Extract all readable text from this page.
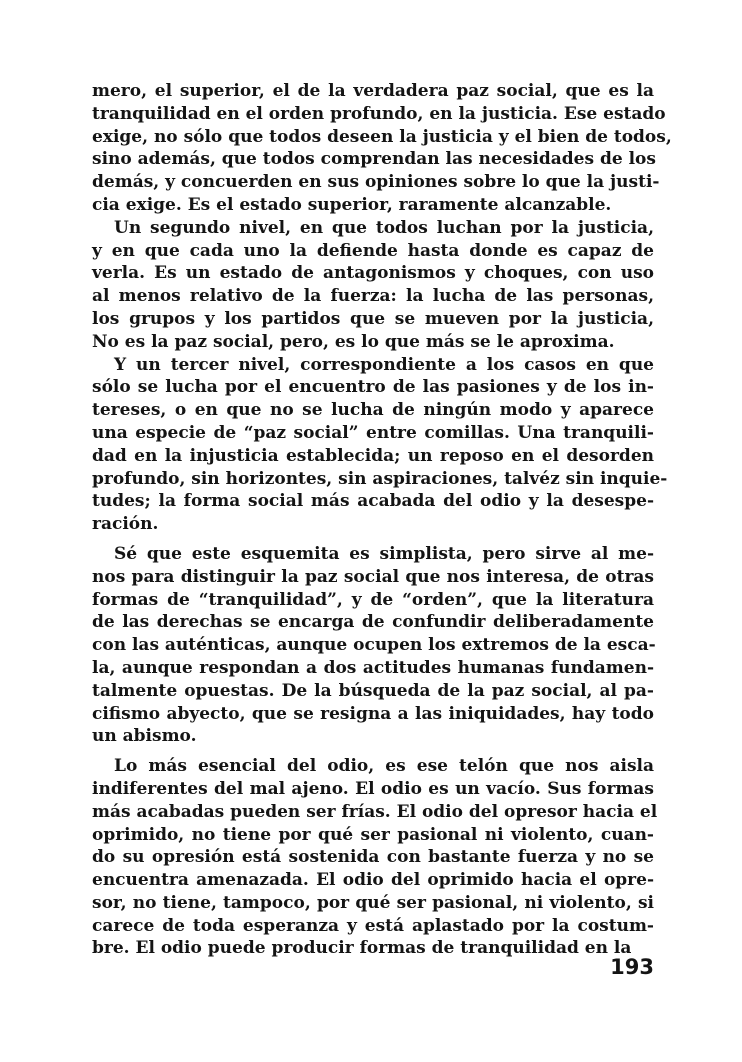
mero, el superior, el de la verdadera paz social, que es la
tranquilidad en el orden profundo, en la justicia. Ese estado
exige, no sólo que todos deseen la justicia y el bien de todos,
sino además, que todos comprendan las necesidades de los
demás, y concuerden en sus opiniones sobre lo que la justi-
cia exige. Es el estado superior, raramente alcanzable.
Un segundo nivel, en que todos luchan por la justicia,
y en que cada uno la defiende hasta donde es capaz de
verla. Es un estado de antagonismos y choques, con uso
al menos relativo de la fuerza: la lucha de las personas,
los grupos y los partidos que se mueven por la justicia,
No es la paz social, pero, es lo que más se le aproxima.
Y un tercer nivel, correspondiente a los casos en que
sólo se lucha por el encuentro de las pasiones y de los in-
tereses, o en que no se lucha de ningún modo y aparece
una especie de “paz social” entre comillas. Una tranquili-
dad en la injusticia establecida; un reposo en el desorden
profundo, sin horizontes, sin aspiraciones, talvéz sin inquie-
tudes; la forma social más acabada del odio y la desespe-
ración.
Sé que este esquemita es simplista, pero sirve al me-
nos para distinguir la paz social que nos interesa, de otras
formas de “tranquilidad”, y de “orden”, que la literatura
de las derechas se encarga de confundir deliberadamente
con las auténticas, aunque ocupen los extremos de la esca-
la, aunque respondan a dos actitudes humanas fundamen-
talmente opuestas. De la búsqueda de la paz social, al pa-
cifismo abyecto, que se resigna a las iniquidades, hay todo
un abismo.
Lo más esencial del odio, es ese telón que nos aisla
indiferentes del mal ajeno. El odio es un vacío. Sus formas
más acabadas pueden ser frías. El odio del opresor hacia el
oprimido, no tiene por qué ser pasional ni violento, cuan-
do su opresión está sostenida con bastante fuerza y no se
encuentra amenazada. El odio del oprimido hacia el opre-
sor, no tiene, tampoco, por qué ser pasional, ni violento, si
carece de toda esperanza y está aplastado por la costum-
bre. El odio puede producir formas de tranquilidad en la
193
